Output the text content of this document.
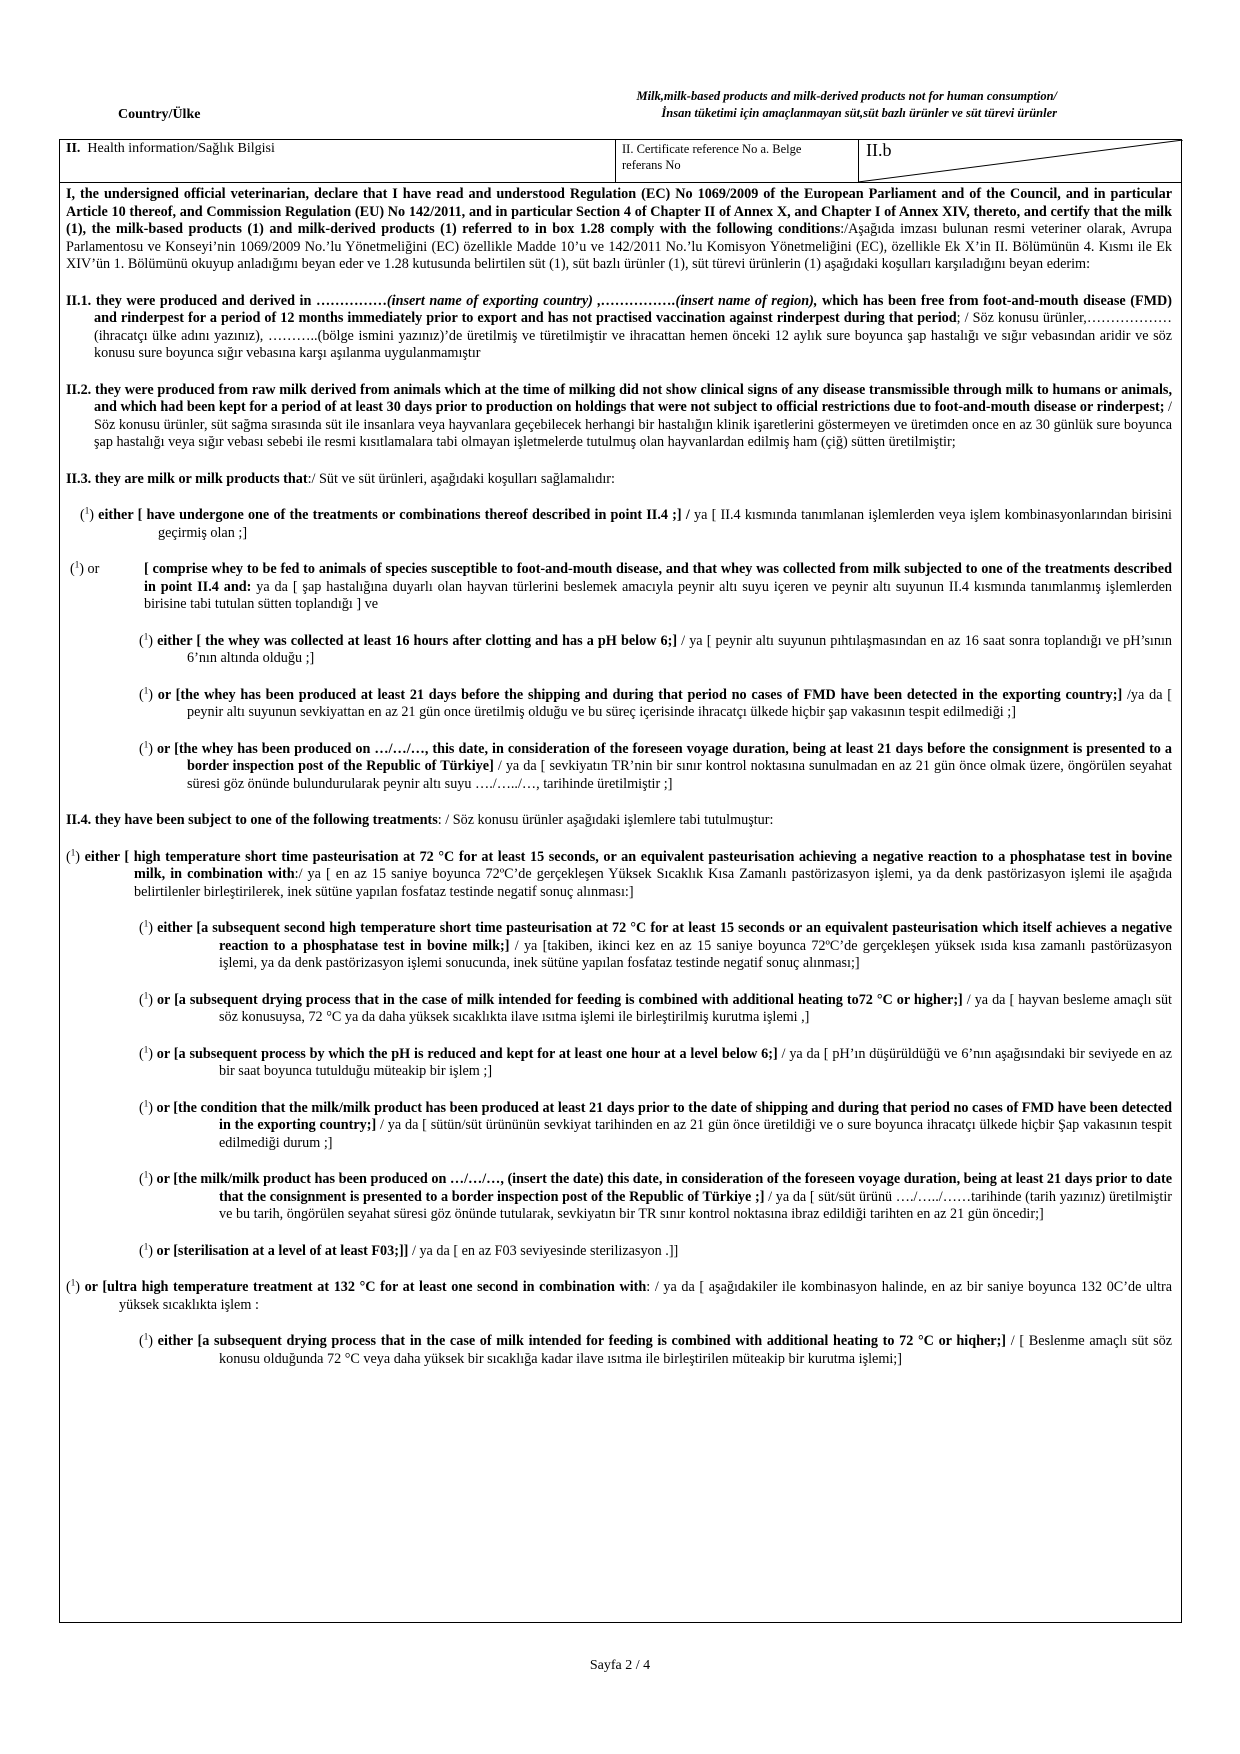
Country/Ülke
Milk,milk-based products and milk-derived products not for human consumption/
İnsan tüketimi için amaçlanmayan süt,süt bazlı ürünler ve süt türevi ürünler
II. Health information/Sağlık Bilgisi	II. Certificate reference No a. Belge referans No
II.b

I, the undersigned official veterinarian, declare that I have read and understood Regulation (EC) No 1069/2009 of the European Parliament and of the Council, and in particular Article 10 thereof, and Commission Regulation (EU) No 142/2011, and in particular Section 4 of Chapter II of Annex X, and Chapter I of Annex XIV, thereto, and certify that the milk (1), the milk-based products (1) and milk-derived products (1) referred to in box 1.28 comply with the following conditions:/Aşağıda imzası bulunan resmi veteriner olarak, Avrupa Parlamentosu ve Konseyi’nin 1069/2009 No.’lu Yönetmeliğini (EC) özellikle Madde 10’u ve 142/2011 No.’lu Komisyon Yönetmeliğini (EC), özellikle Ek X’in II. Bölümünün 4. Kısmı ile Ek XIV’ün 1. Bölümünü okuyup anladığımı beyan eder ve 1.28 kutusunda belirtilen süt (1), süt bazlı ürünler (1), süt türevi ürünlerin (1) aşağıdaki koşulları karşıladığını beyan ederim:

II.1. they were produced and derived in ……………(insert name of exporting country) ,…………….(insert name of region), which has been free from foot-and-mouth disease (FMD) and rinderpest for a period of 12 months immediately prior to export and has not practised vaccination against rinderpest during that period; / Söz konusu ürünler,……………… (ihracatçı ülke adını yazınız), ………..(bölge ismini yazınız)’de üretilmiş ve türetilmiştir ve ihracattan hemen önceki 12 aylık sure boyunca şap hastalığı ve sığır vebasından aridir ve söz konusu sure boyunca sığır vebasına karşı aşılanma uygulanmamıştır

II.2. they were produced from raw milk derived from animals which at the time of milking did not show clinical signs of any disease transmissible through milk to humans or animals, and which had been kept for a period of at least 30 days prior to production on holdings that were not subject to official restrictions due to foot-and-mouth disease or rinderpest; / Söz konusu ürünler, süt sağma sırasında süt ile insanlara veya hayvanlara geçebilecek herhangi bir hastalığın klinik işaretlerini göstermeyen ve üretimden once en az 30 günlük sure boyunca şap hastalığı veya sığır vebası sebebi ile resmi kısıtlamalara tabi olmayan işletmelerde tutulmuş olan hayvanlardan edilmiş ham (çiğ) sütten üretilmiştir;

II.3. they are milk or milk products that:/ Süt ve süt ürünleri, aşağıdaki koşulları sağlamalıdır:

($^1$) either [ have undergone one of the treatments or combinations thereof described in point II.4 ;] / ya [ II.4 kısmında tanımlanan işlemlerden veya işlem kombinasyonlarından birisini geçirmiş olan ;]

($^1$) or	[ comprise whey to be fed to animals of species susceptible to foot-and-mouth disease, and that whey was collected from milk subjected to one of the treatments described in point II.4 and: ya da [ şap hastalığına duyarlı olan hayvan türlerini beslemek amacıyla peynir altı suyu içeren ve peynir altı suyunun II.4 kısmında tanımlanmış işlemlerden birisine tabi tutulan sütten toplandığı ] ve

($^1$) either [ the whey was collected at least 16 hours after clotting and has a pH below 6;] / ya [ peynir altı suyunun pıhtılaşmasından en az 16 saat sonra toplandığı ve pH’sının 6’nın altında olduğu ;]

($^1$) or [the whey has been produced at least 21 days before the shipping and during that period no cases of FMD have been detected in the exporting country;] /ya da [ peynir altı suyunun sevkiyattan en az 21 gün once üretilmiş olduğu ve bu süreç içerisinde ihracatçı ülkede hiçbir şap vakasının tespit edilmediği ;]

($^1$) or [the whey has been produced on …/…/…, this date, in consideration of the foreseen voyage duration, being at least 21 days before the consignment is presented to a border inspection post of the Republic of Türkiye] / ya da [ sevkiyatın TR’nin bir sınır kontrol noktasına sunulmadan en az 21 gün önce olmak üzere, öngörülen seyahat süresi göz önünde bulundurularak peynir altı suyu …./…../…, tarihinde üretilmiştir ;]

II.4. they have been subject to one of the following treatments: / Söz konusu ürünler aşağıdaki işlemlere tabi tutulmuştur:

($^1$) either [ high temperature short time pasteurisation at 72 °C for at least 15 seconds, or an equivalent pasteurisation achieving a negative reaction to a phosphatase test in bovine milk, in combination with:/ ya [ en az 15 saniye boyunca 72ºC’de gerçekleşen Yüksek Sıcaklık Kısa Zamanlı pastörizasyon işlemi, ya da denk pastörizasyon işlemi ile aşağıda belirtilenler birleştirilerek, inek sütüne yapılan fosfataz testinde negatif sonuç alınması:]

($^1$) either [a subsequent second high temperature short time pasteurisation at 72 °C for at least 15 seconds or an equivalent pasteurisation which itself achieves a negative reaction to a phosphatase test in bovine milk;] / ya [takiben, ikinci kez en az 15 saniye boyunca 72ºC’de gerçekleşen yüksek ısıda kısa zamanlı pastörüzasyon işlemi, ya da denk pastörizasyon işlemi sonucunda, inek sütüne yapılan fosfataz testinde negatif sonuç alınması;]

($^1$) or [a subsequent drying process that in the case of milk intended for feeding is combined with additional heating to72 °C or higher;] / ya da [ hayvan besleme amaçlı süt söz konusuysa, 72 °C ya da daha yüksek sıcaklıkta ilave ısıtma işlemi ile birleştirilmiş kurutma işlemi ,]

($^1$) or [a subsequent process by which the pH is reduced and kept for at least one hour at a level below 6;] / ya da [ pH’ın düşürüldüğü ve 6’nın aşağısındaki bir seviyede en az bir saat boyunca tutulduğu müteakip bir işlem ;]

($^1$) or [the condition that the milk/milk product has been produced at least 21 days prior to the date of shipping and during that period no cases of FMD have been detected in the exporting country;] / ya da [ sütün/süt ürününün sevkiyat tarihinden en az 21 gün önce üretildiği ve o sure boyunca ihracatçı ülkede hiçbir Şap vakasının tespit edilmediği durum ;]

($^1$) or [the milk/milk product has been produced on …/…/…, (insert the date) this date, in consideration of the foreseen voyage duration, being at least 21 days prior to date that the consignment is presented to a border inspection post of the Republic of Türkiye ;] / ya da [ süt/süt ürünü …./…../……tarihinde (tarih yazınız) üretilmiştir ve bu tarih, öngörülen seyahat süresi göz önünde tutularak, sevkiyatın bir TR sınır kontrol noktasına ibraz edildiği tarihten en az 21 gün öncedir;]

($^1$) or [sterilisation at a level of at least F03;]] / ya da [ en az F03 seviyesinde sterilizasyon .]]

($^1$) or [ultra high temperature treatment at 132 °C for at least one second in combination with: / ya da [ aşağıdakiler ile kombinasyon halinde, en az bir saniye boyunca 132 0C’de ultra yüksek sıcaklıkta işlem :

($^1$) either [a subsequent drying process that in the case of milk intended for feeding is combined with additional heating to 72 °C or hiqher;] / [ Beslenme amaçlı süt söz konusu olduğunda 72 °C veya daha yüksek bir sıcaklığa kadar ilave ısıtma ile birleştirilen müteakip bir kurutma işlemi;]

Sayfa 2 / 4
